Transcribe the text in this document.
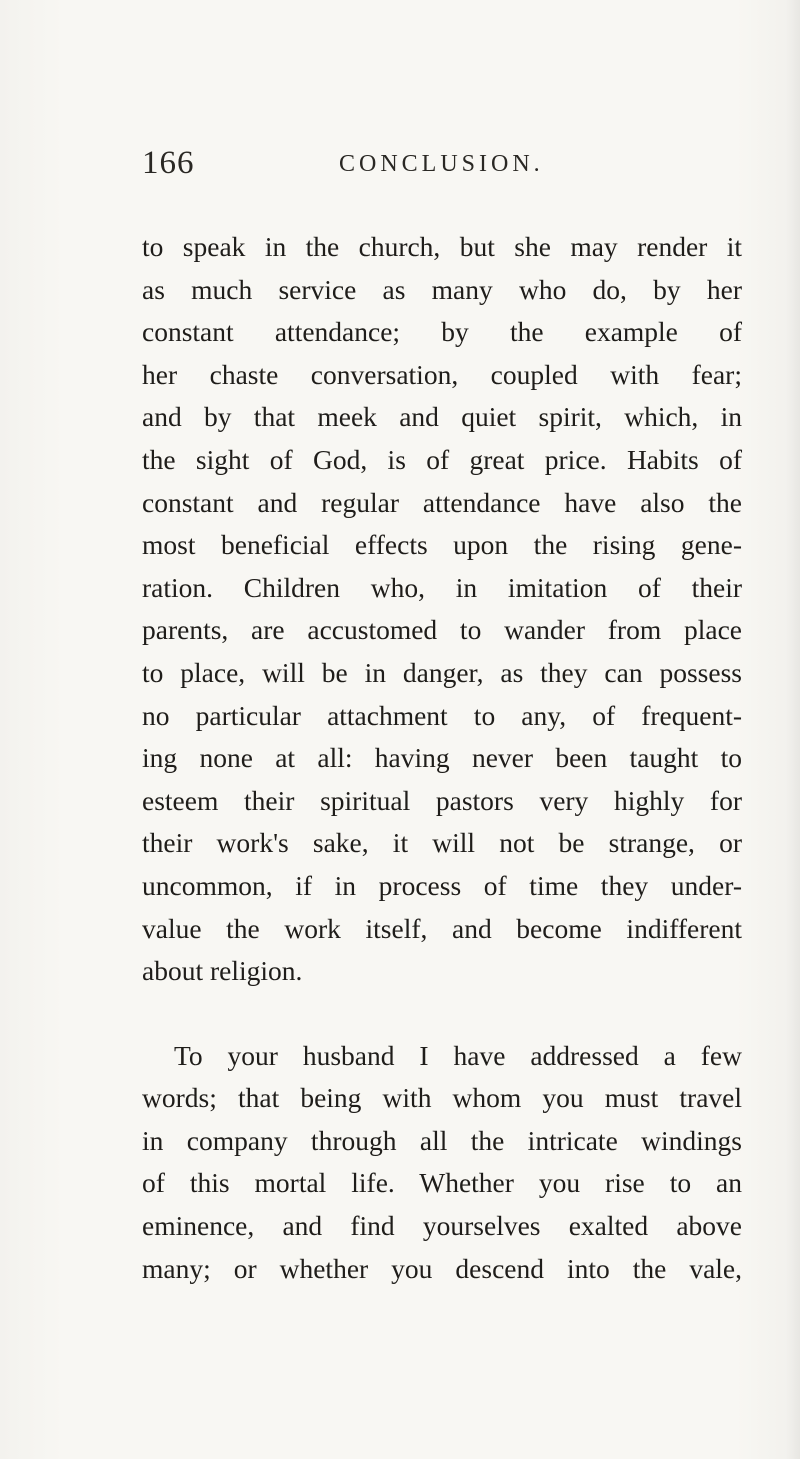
166	CONCLUSION.
to speak in the church, but she may render it
as much service as many who do, by her
constant attendance; by the example of
her chaste conversation, coupled with fear;
and by that meek and quiet spirit, which, in
the sight of God, is of great price. Habits of
constant and regular attendance have also the
most beneficial effects upon the rising gene-
ration. Children who, in imitation of their
parents, are accustomed to wander from place
to place, will be in danger, as they can possess
no particular attachment to any, of frequent-
ing none at all: having never been taught to
esteem their spiritual pastors very highly for
their work's sake, it will not be strange, or
uncommon, if in process of time they under-
value the work itself, and become indifferent
about religion.
To your husband I have addressed a few
words; that being with whom you must travel
in company through all the intricate windings
of this mortal life. Whether you rise to an
eminence, and find yourselves exalted above
many; or whether you descend into the vale,
